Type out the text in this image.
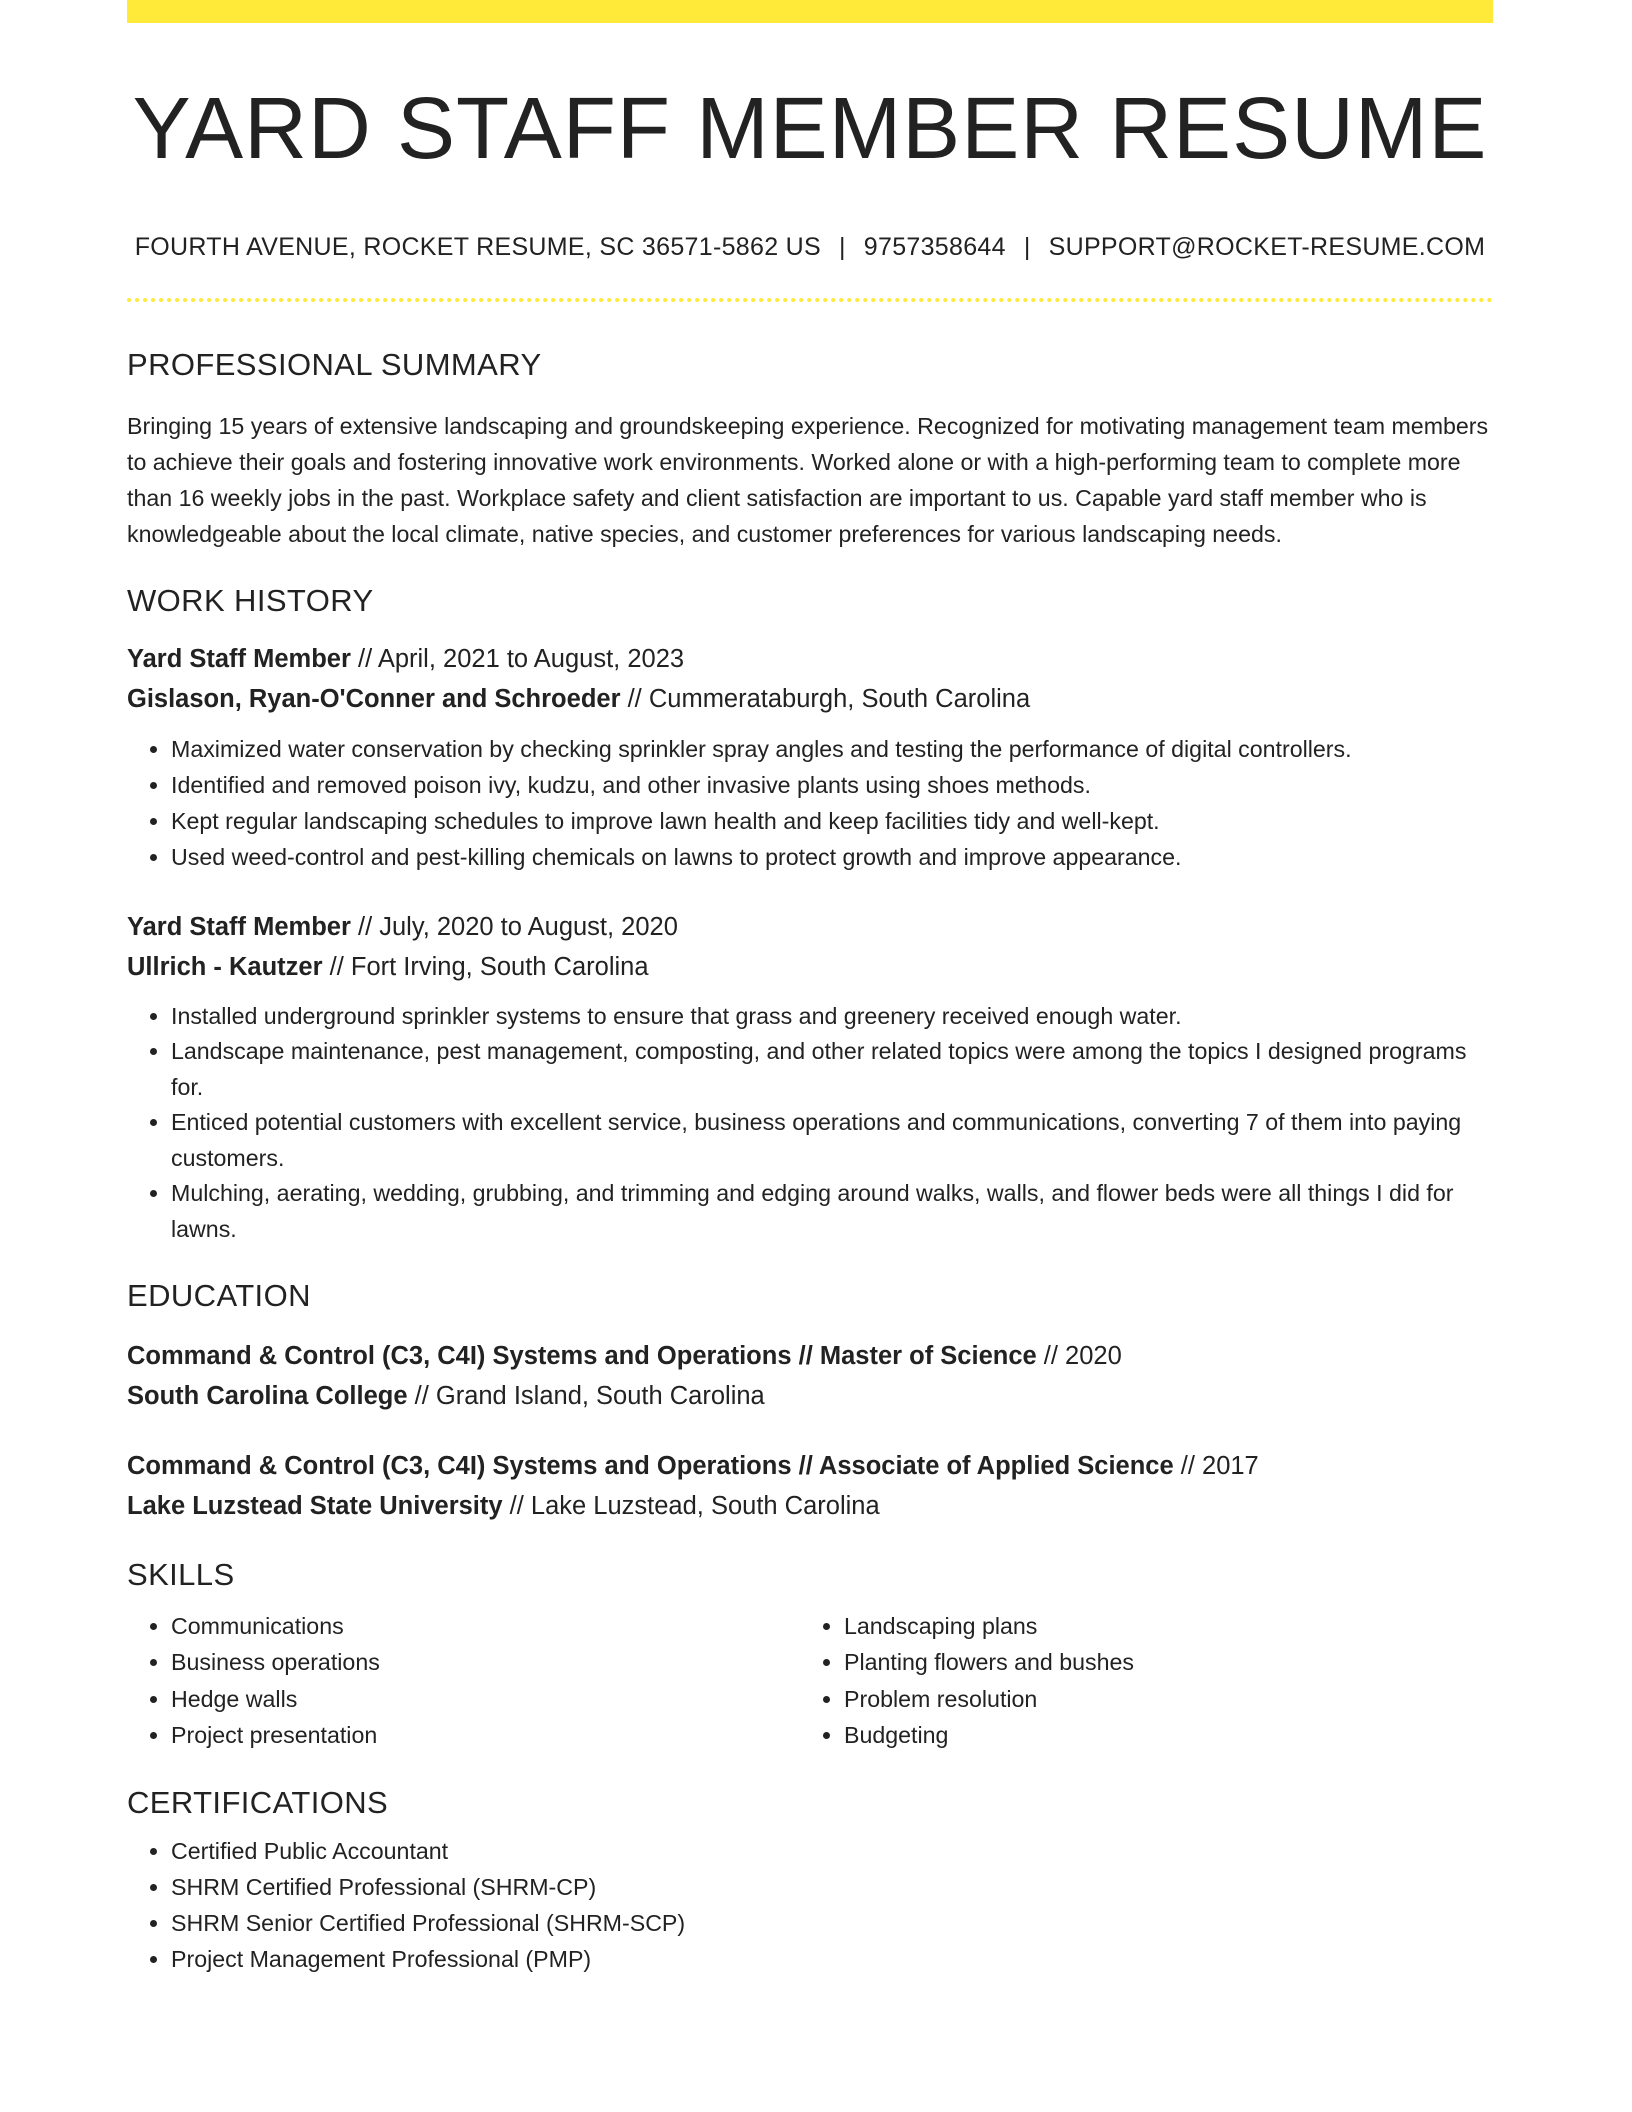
YARD STAFF MEMBER RESUME
FOURTH AVENUE, ROCKET RESUME, SC 36571-5862 US | 9757358644 | SUPPORT@ROCKET-RESUME.COM
PROFESSIONAL SUMMARY

Bringing 15 years of extensive landscaping and groundskeeping experience. Recognized for motivating management team members to achieve their goals and fostering innovative work environments. Worked alone or with a high-performing team to complete more than 16 weekly jobs in the past. Workplace safety and client satisfaction are important to us. Capable yard staff member who is knowledgeable about the local climate, native species, and customer preferences for various landscaping needs.

WORK HISTORY

Yard Staff Member // April, 2021 to August, 2023

Gislason, Ryan-O'Conner and Schroeder // Cummerataburgh, South Carolina

• Maximized water conservation by checking sprinkler spray angles and testing the performance of digital controllers.
• Identified and removed poison ivy, kudzu, and other invasive plants using shoes methods.
• Kept regular landscaping schedules to improve lawn health and keep facilities tidy and well-kept.
• Used weed-control and pest-killing chemicals on lawns to protect growth and improve appearance.

Yard Staff Member // July, 2020 to August, 2020

Ullrich - Kautzer // Fort Irving, South Carolina

• Installed underground sprinkler systems to ensure that grass and greenery received enough water.
• Landscape maintenance, pest management, composting, and other related topics were among the topics I designed programs for.
• Enticed potential customers with excellent service, business operations and communications, converting 7 of them into paying customers.
• Mulching, aerating, wedding, grubbing, and trimming and edging around walks, walls, and flower beds were all things I did for lawns.
EDUCATION

Command & Control (C3, C4I) Systems and Operations // Master of Science // 2020

South Carolina College // Grand Island, South Carolina

Command & Control (C3, C4I) Systems and Operations // Associate of Applied Science // 2017

Lake Luzstead State University // Lake Luzstead, South Carolina

SKILLS
• Communications
• Business operations
• Hedge walls
• Project presentation
• Landscaping plans
• Planting flowers and bushes
• Problem resolution
• Budgeting
CERTIFICATIONS
• Certified Public Accountant
• SHRM Certified Professional (SHRM-CP)
• SHRM Senior Certified Professional (SHRM-SCP)
• Project Management Professional (PMP)
